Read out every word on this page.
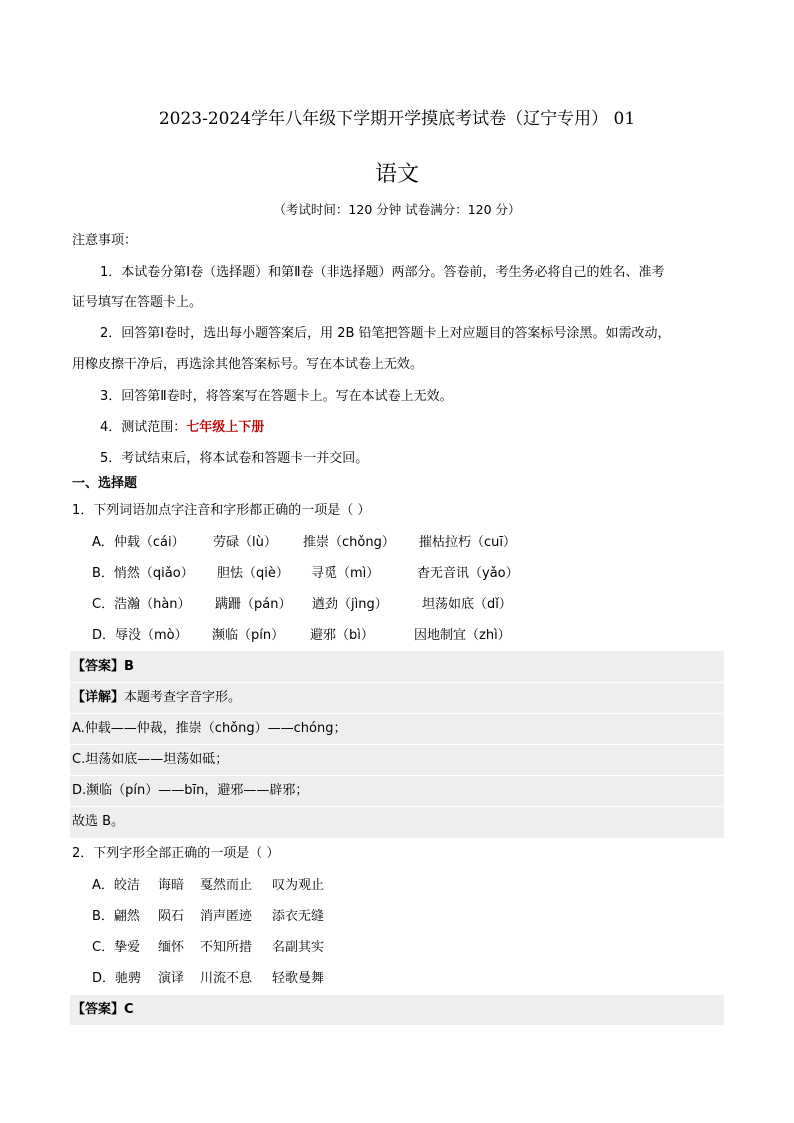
2023-2024学年八年级下学期开学摸底考试卷（辽宁专用） 01
语文
（考试时间：120 分钟 试卷满分：120 分）
注意事项：
1．本试卷分第Ⅰ卷（选择题）和第Ⅱ卷（非选择题）两部分。答卷前，考生务必将自己的姓名、准考
证号填写在答题卡上。
2．回答第Ⅰ卷时，选出每小题答案后，用 2B 铅笔把答题卡上对应题目的答案标号涂黑。如需改动，
用橡皮擦干净后，再选涂其他答案标号。写在本试卷上无效。
3．回答第Ⅱ卷时，将答案写在答题卡上。写在本试卷上无效。
4．测试范围：七年级上下册
5．考试结束后，将本试卷和答题卡一并交回。
一、选择题
1．下列词语加点字注音和字形都正确的一项是（ ）
A．仲载（cái） 劳碌（lù） 推崇（chǒng） 摧枯拉朽（cuī）
B．悄然（qiǎo） 胆怯（qiè） 寻觅（mì）	杳无音讯（yǎo）
C．浩瀚（hàn） 蹒跚（pán） 遒劲（jìng）	坦荡如底（dǐ）
D．辱没（mò） 濒临（pín） 避邪（bì）	因地制宜（zhì）
【答案】B
【详解】本题考查字音字形。
A.仲载——仲裁，推崇（chǒng）——chóng；
C.坦荡如底——坦荡如砥；
D.濒临（pín）——bīn，避邪——辟邪；
故选 B。
2．下列字形全部正确的一项是（ ）
A．皎洁 诲暗 戛然而止 叹为观止
B．翩然 陨石 消声匿迹 添衣无缝
C．挚爱 缅怀 不知所措 名副其实
D．驰骋 演译 川流不息 轻歌曼舞
【答案】C
